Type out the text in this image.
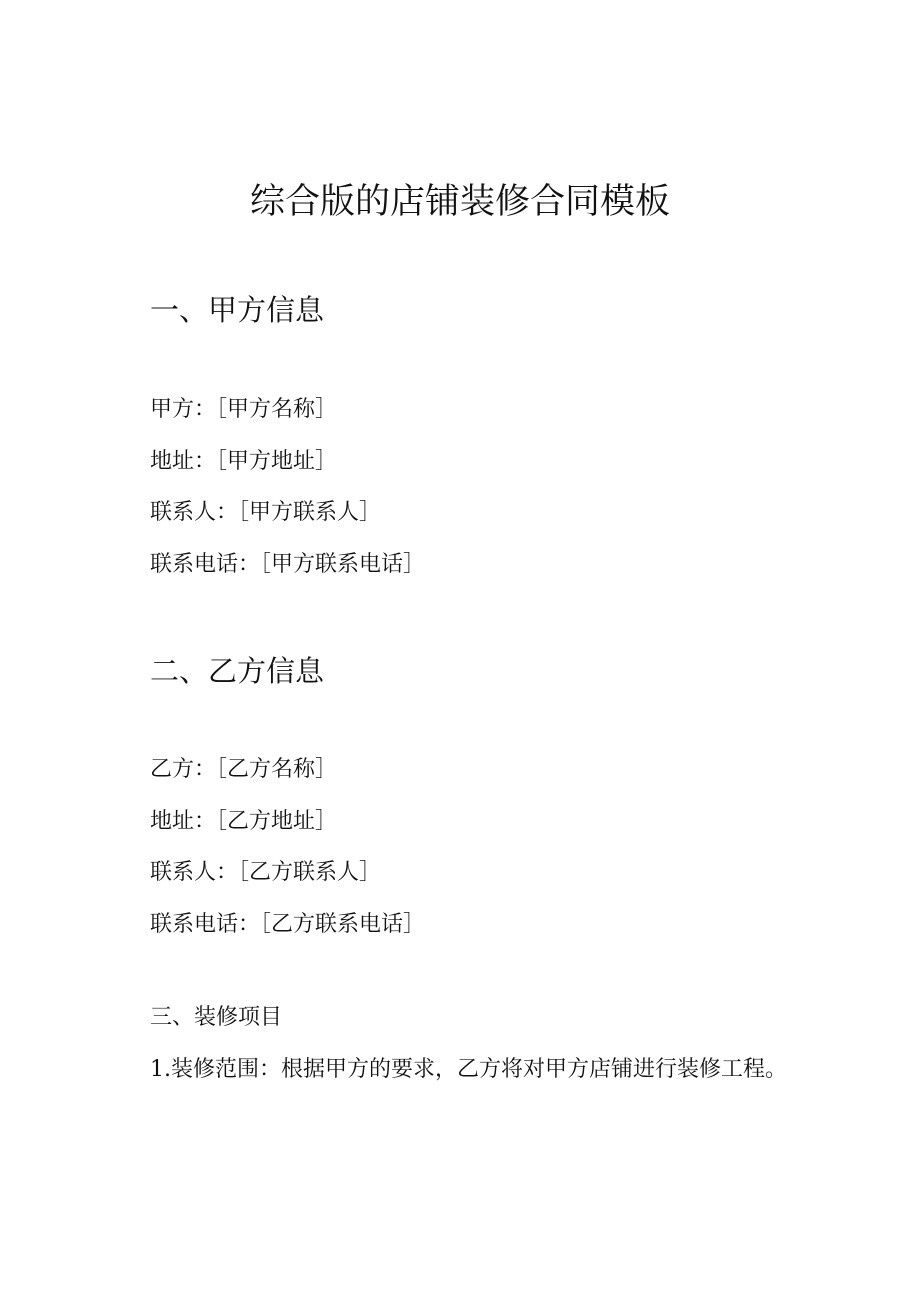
综合版的店铺装修合同模板
一、甲方信息

甲方：［甲方名称］

地址：［甲方地址］

联系人：［甲方联系人］

联系电话：［甲方联系电话］

二、乙方信息

乙方：［乙方名称］

地址：［乙方地址］

联系人：［乙方联系人］

联系电话：［乙方联系电话］

三、装修项目

1.装修范围：根据甲方的要求，乙方将对甲方店铺进行装修工程。
